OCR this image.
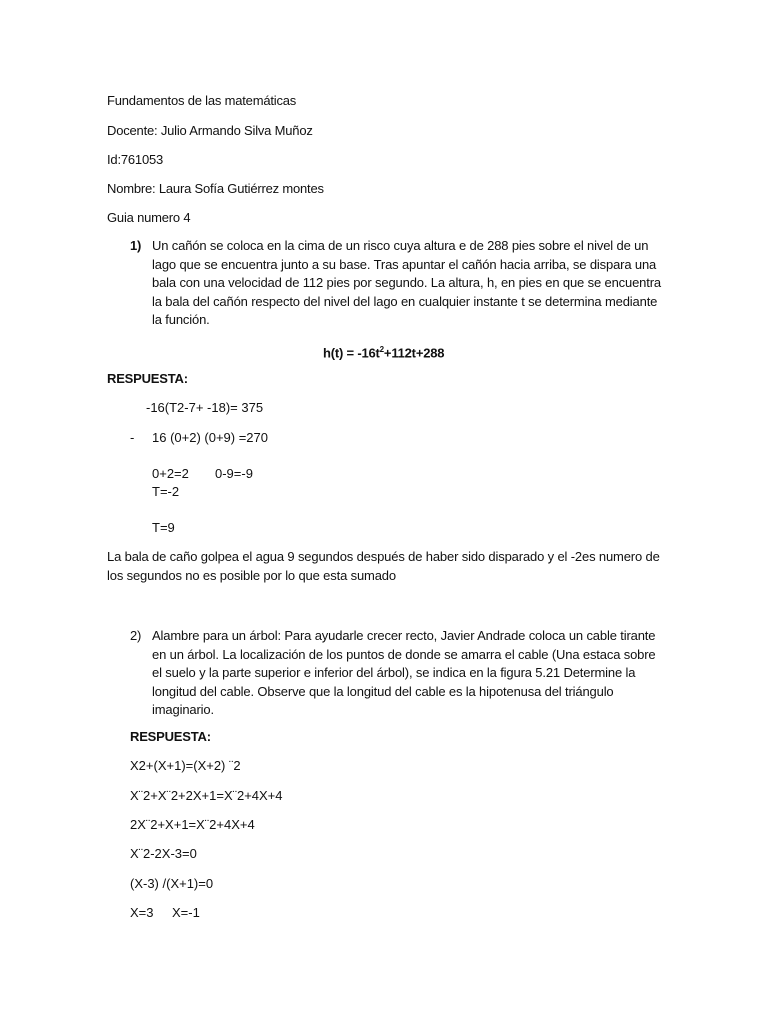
Fundamentos de las matemáticas
Docente: Julio Armando Silva Muñoz
Id:761053
Nombre: Laura Sofía Gutiérrez montes
Guia numero 4
1) Un cañón se coloca en la cima de un risco cuya altura e de 288 pies sobre el nivel de un
lago que se encuentra junto a su base. Tras apuntar el cañón hacia arriba, se dispara una
bala con una velocidad de 112 pies por segundo. La altura, h, en pies en que se encuentra
la bala del cañón respecto del nivel del lago en cualquier instante t se determina mediante
la función.
$h(t) = -16t^2+112t+288$
RESPUESTA:
-16(T2-7+ -18)= 375
- 16 (0+2) (0+9) =270
0+2=2 0-9=-9
T=-2
T=9
La bala de caño golpea el agua 9 segundos después de haber sido disparado y el -2es numero de
los segundos no es posible por lo que esta sumado
2) Alambre para un árbol: Para ayudarle crecer recto, Javier Andrade coloca un cable tirante
en un árbol. La localización de los puntos de donde se amarra el cable (Una estaca sobre
el suelo y la parte superior e inferior del árbol), se indica en la figura 5.21 Determine la
longitud del cable. Observe que la longitud del cable es la hipotenusa del triángulo
imaginario.
RESPUESTA:
X2+(X+1)=(X+2) ¨2
X¨2+X¨2+2X+1=X¨2+4X+4
2X¨2+X+1=X¨2+4X+4
X¨2-2X-3=0
(X-3) /(X+1)=0
X=3 X=-1
